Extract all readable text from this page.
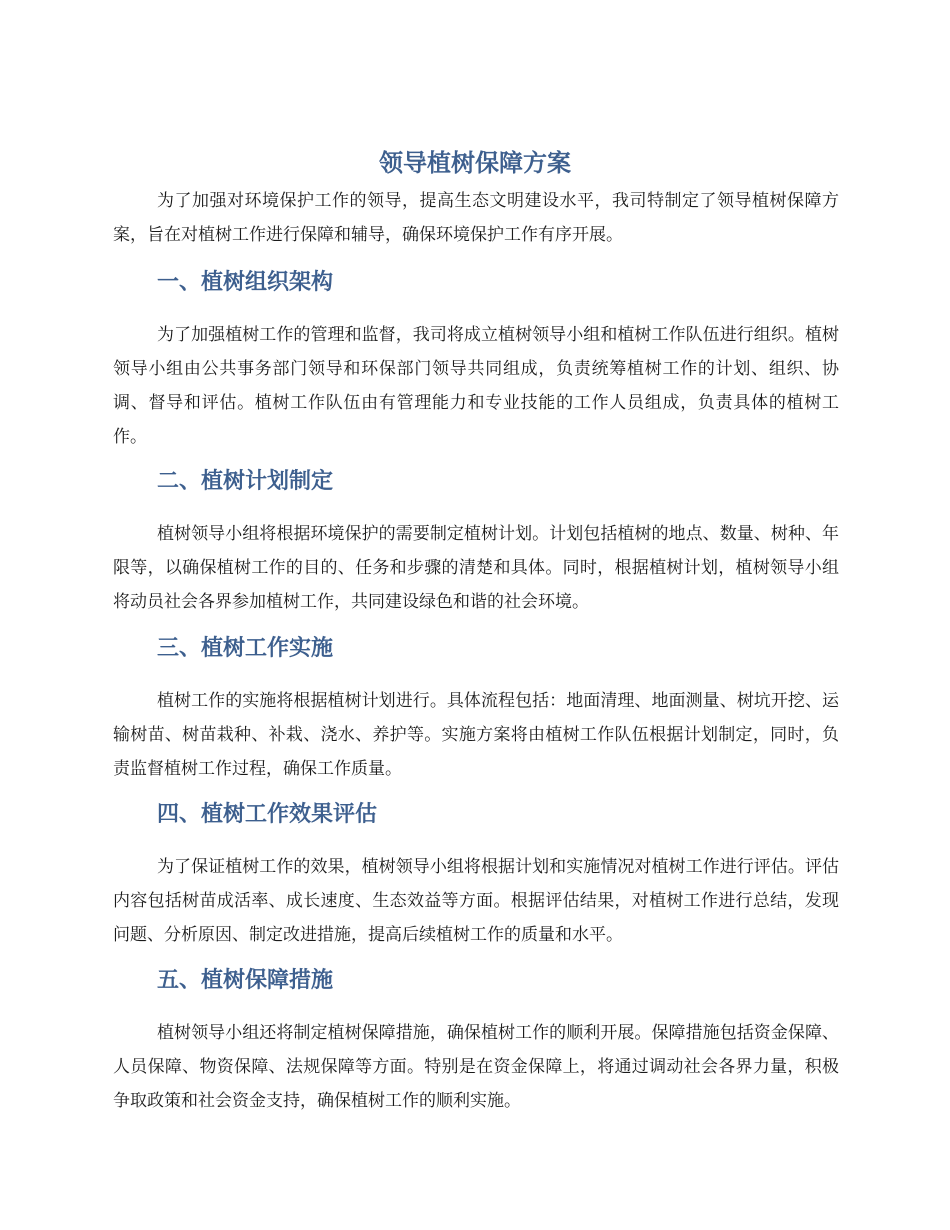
领导植树保障方案

为了加强对环境保护工作的领导，提高生态文明建设水平，我司特制定了领导植树保障方案，旨在对植树工作进行保障和辅导，确保环境保护工作有序开展。

一、植树组织架构

为了加强植树工作的管理和监督，我司将成立植树领导小组和植树工作队伍进行组织。植树领导小组由公共事务部门领导和环保部门领导共同组成，负责统筹植树工作的计划、组织、协调、督导和评估。植树工作队伍由有管理能力和专业技能的工作人员组成，负责具体的植树工作。

二、植树计划制定

植树领导小组将根据环境保护的需要制定植树计划。计划包括植树的地点、数量、树种、年限等，以确保植树工作的目的、任务和步骤的清楚和具体。同时，根据植树计划，植树领导小组将动员社会各界参加植树工作，共同建设绿色和谐的社会环境。

三、植树工作实施

植树工作的实施将根据植树计划进行。具体流程包括：地面清理、地面测量、树坑开挖、运输树苗、树苗栽种、补栽、浇水、养护等。实施方案将由植树工作队伍根据计划制定，同时，负责监督植树工作过程，确保工作质量。

四、植树工作效果评估

为了保证植树工作的效果，植树领导小组将根据计划和实施情况对植树工作进行评估。评估内容包括树苗成活率、成长速度、生态效益等方面。根据评估结果，对植树工作进行总结，发现问题、分析原因、制定改进措施，提高后续植树工作的质量和水平。

五、植树保障措施

植树领导小组还将制定植树保障措施，确保植树工作的顺利开展。保障措施包括资金保障、人员保障、物资保障、法规保障等方面。特别是在资金保障上，将通过调动社会各界力量，积极争取政策和社会资金支持，确保植树工作的顺利实施。
